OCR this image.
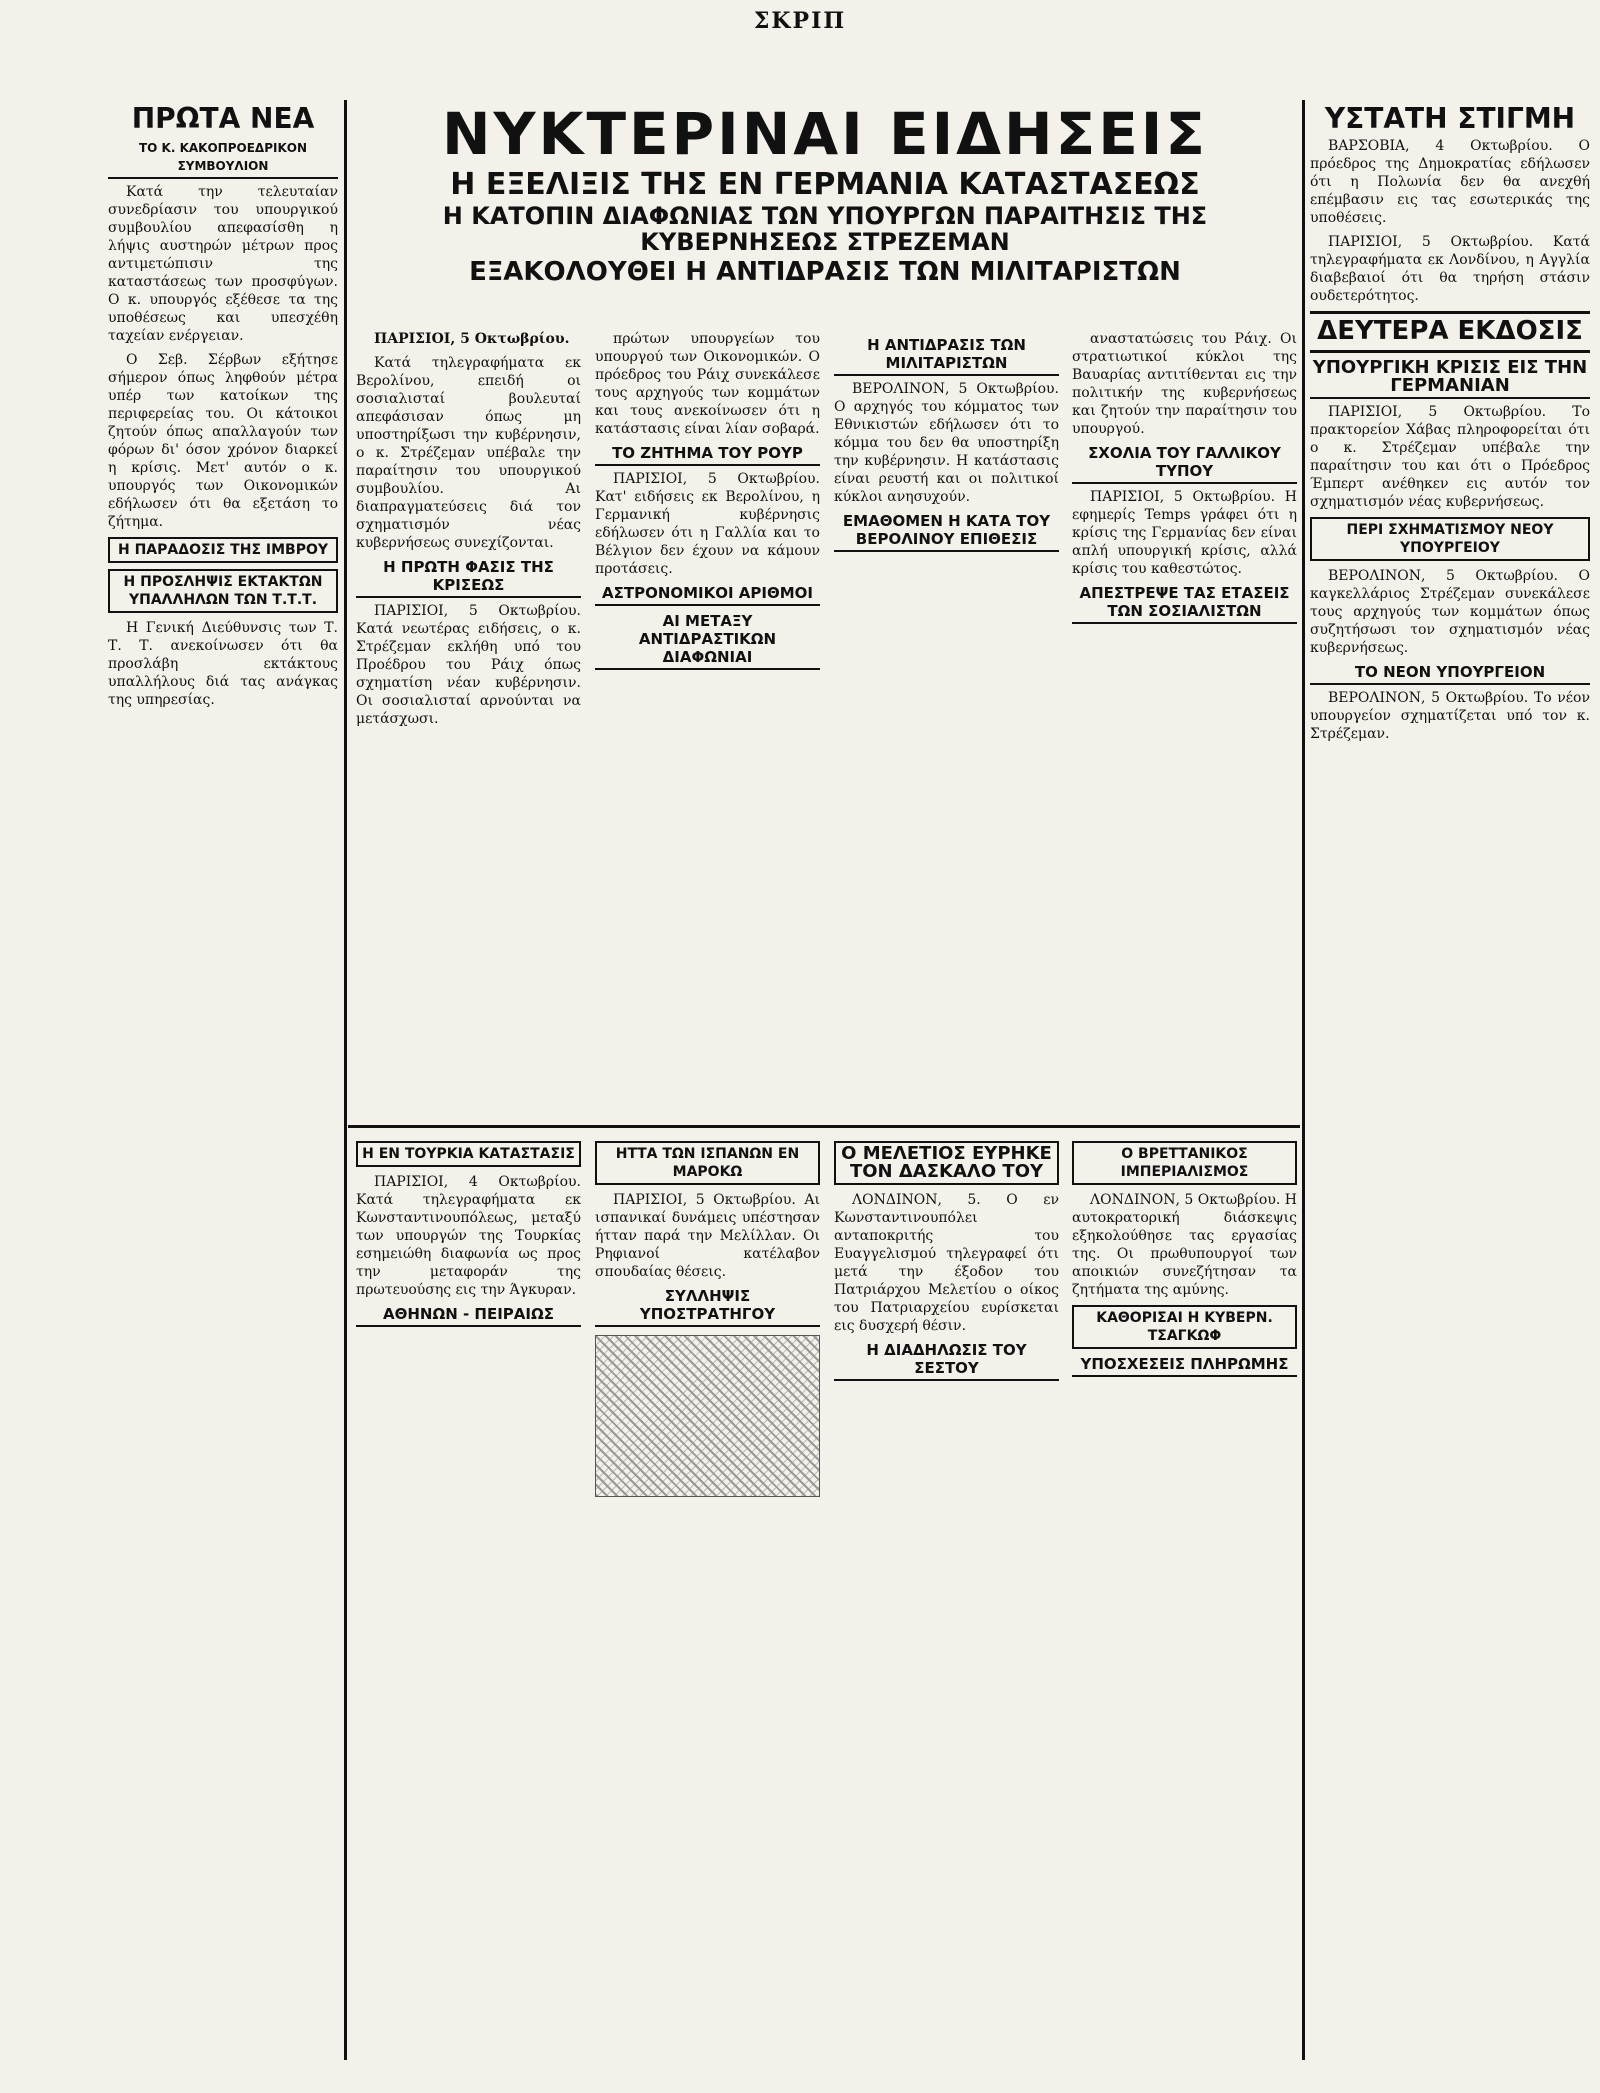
ΣΚΡΙΠ
ΠΡΩΤΑ ΝΕΑ
ΤΟ Κ. ΚΑΚΟΠΡΟΕΔΡΙΚΟΝ ΣΥΜΒΟΥΛΙΟΝ

Κατά την τελευταίαν συνεδρίασιν του υπουργικού συμβουλίου απεφασίσθη η λήψις αυστηρών μέτρων προς αντιμετώπισιν της καταστάσεως των προσφύγων. Ο κ. υπουργός εξέθεσε τα της υποθέσεως και υπεσχέθη ταχείαν ενέργειαν.

Ο Σεβ. Σέρβων εξήτησε σήμερον όπως ληφθούν μέτρα υπέρ των κατοίκων της περιφερείας του. Οι κάτοικοι ζητούν όπως απαλλαγούν των φόρων δι' όσον χρόνον διαρκεί η κρίσις. Μετ' αυτόν ο κ. υπουργός των Οικονομικών εδήλωσεν ότι θα εξετάση το ζήτημα.

Η ΠΑΡΑΔΟΣΙΣ ΤΗΣ ΙΜΒΡΟΥ
Η ΠΡΟΣΛΗΨΙΣ ΕΚΤΑΚΤΩΝ ΥΠΑΛΛΗΛΩΝ ΤΩΝ Τ.Τ.Τ.

Η Γενική Διεύθυνσις των Τ. Τ. Τ. ανεκοίνωσεν ότι θα προσλάβη εκτάκτους υπαλλήλους διά τας ανάγκας της υπηρεσίας.

ΝΥΚΤΕΡΙΝΑΙ ΕΙΔΗΣΕΙΣ
Η ΕΞΕΛΙΞΙΣ ΤΗΣ ΕΝ ΓΕΡΜΑΝΙΑ ΚΑΤΑΣΤΑΣΕΩΣ
Η ΚΑΤΟΠΙΝ ΔΙΑΦΩΝΙΑΣ ΤΩΝ ΥΠΟΥΡΓΩΝ ΠΑΡΑΙΤΗΣΙΣ ΤΗΣ ΚΥΒΕΡΝΗΣΕΩΣ ΣΤΡΕΖΕΜΑΝ
ΕΞΑΚΟΛΟΥΘΕΙ Η ΑΝΤΙΔΡΑΣΙΣ ΤΩΝ ΜΙΛΙΤΑΡΙΣΤΩΝ

ΠΑΡΙΣΙΟΙ, 5 Οκτωβρίου.

Κατά τηλεγραφήματα εκ Βερολίνου, επειδή οι σοσιαλισταί βουλευταί απεφάσισαν όπως μη υποστηρίξωσι την κυβέρνησιν, ο κ. Στρέζεμαν υπέβαλε την παραίτησιν του υπουργικού συμβουλίου. Αι διαπραγματεύσεις διά τον σχηματισμόν νέας κυβερνήσεως συνεχίζονται.

Η ΠΡΩΤΗ ΦΑΣΙΣ ΤΗΣ ΚΡΙΣΕΩΣ

ΠΑΡΙΣΙΟΙ, 5 Οκτωβρίου. Κατά νεωτέρας ειδήσεις, ο κ. Στρέζεμαν εκλήθη υπό του Προέδρου του Ράιχ όπως σχηματίση νέαν κυβέρνησιν. Οι σοσιαλισταί αρνούνται να μετάσχωσι.

πρώτων υπουργείων του υπουργού των Οικονομικών. Ο πρόεδρος του Ράιχ συνεκάλεσε τους αρχηγούς των κομμάτων και τους ανεκοίνωσεν ότι η κατάστασις είναι λίαν σοβαρά.

ΤΟ ΖΗΤΗΜΑ ΤΟΥ ΡΟΥΡ

ΠΑΡΙΣΙΟΙ, 5 Οκτωβρίου. Κατ' ειδήσεις εκ Βερολίνου, η Γερμανική κυβέρνησις εδήλωσεν ότι η Γαλλία και το Βέλγιον δεν έχουν να κάμουν προτάσεις.

ΑΣΤΡΟΝΟΜΙΚΟΙ ΑΡΙΘΜΟΙ
ΑΙ ΜΕΤΑΞΥ ΑΝΤΙΔΡΑΣΤΙΚΩΝ ΔΙΑΦΩΝΙΑΙ
Η ΑΝΤΙΔΡΑΣΙΣ ΤΩΝ ΜΙΛΙΤΑΡΙΣΤΩΝ

ΒΕΡΟΛΙΝΟΝ, 5 Οκτωβρίου. Ο αρχηγός του κόμματος των Εθνικιστών εδήλωσεν ότι το κόμμα του δεν θα υποστηρίξη την κυβέρνησιν. Η κατάστασις είναι ρευστή και οι πολιτικοί κύκλοι ανησυχούν.

ΕΜΑΘΟΜΕΝ Η ΚΑΤΑ ΤΟΥ ΒΕΡΟΛΙΝΟΥ ΕΠΙΘΕΣΙΣ

αναστατώσεις του Ράιχ. Οι στρατιωτικοί κύκλοι της Βαυαρίας αντιτίθενται εις την πολιτικήν της κυβερνήσεως και ζητούν την παραίτησιν του υπουργού.

ΣΧΟΛΙΑ ΤΟΥ ΓΑΛΛΙΚΟΥ ΤΥΠΟΥ

ΠΑΡΙΣΙΟΙ, 5 Οκτωβρίου. Η εφημερίς Temps γράφει ότι η κρίσις της Γερμανίας δεν είναι απλή υπουργική κρίσις, αλλά κρίσις του καθεστώτος.

ΑΠΕΣΤΡΕΨΕ ΤΑΣ ΕΤΑΣΕΙΣ ΤΩΝ ΣΟΣΙΑΛΙΣΤΩΝ
Η ΕΝ ΤΟΥΡΚΙΑ ΚΑΤΑΣΤΑΣΙΣ

ΠΑΡΙΣΙΟΙ, 4 Οκτωβρίου. Κατά τηλεγραφήματα εκ Κωνσταντινουπόλεως, μεταξύ των υπουργών της Τουρκίας εσημειώθη διαφωνία ως προς την μεταφοράν της πρωτευούσης εις την Άγκυραν.

ΑΘΗΝΩΝ - ΠΕΙΡΑΙΩΣ
ΗΤΤΑ ΤΩΝ ΙΣΠΑΝΩΝ ΕΝ ΜΑΡΟΚΩ

ΠΑΡΙΣΙΟΙ, 5 Οκτωβρίου. Αι ισπανικαί δυνάμεις υπέστησαν ήτταν παρά την Μελίλλαν. Οι Ρηφιανοί κατέλαβον σπουδαίας θέσεις.

ΣΥΛΛΗΨΙΣ ΥΠΟΣΤΡΑΤΗΓΟΥ
Ο ΜΕΛΕΤΙΟΣ ΕΥΡΗΚΕ ΤΟΝ ΔΑΣΚΑΛΟ ΤΟΥ

ΛΟΝΔΙΝΟΝ, 5. Ο εν Κωνσταντινουπόλει ανταποκριτής του Ευαγγελισμού τηλεγραφεί ότι μετά την έξοδον του Πατριάρχου Μελετίου ο οίκος του Πατριαρχείου ευρίσκεται εις δυσχερή θέσιν.

Η ΔΙΑΔΗΛΩΣΙΣ ΤΟΥ ΣΕΣΤΟΥ
Ο ΒΡΕΤΤΑΝΙΚΟΣ ΙΜΠΕΡΙΑΛΙΣΜΟΣ

ΛΟΝΔΙΝΟΝ, 5 Οκτωβρίου. Η αυτοκρατορική διάσκεψις εξηκολούθησε τας εργασίας της. Οι πρωθυπουργοί των αποικιών συνεζήτησαν τα ζητήματα της αμύνης.

ΚΑΘΟΡΙΣΑΙ Η ΚΥΒΕΡΝ. ΤΣΑΓΚΩΦ
ΥΠΟΣΧΕΣΕΙΣ ΠΛΗΡΩΜΗΣ
ΥΣΤΑΤΗ ΣΤΙΓΜΗ

ΒΑΡΣΟΒΙΑ, 4 Οκτωβρίου. Ο πρόεδρος της Δημοκρατίας εδήλωσεν ότι η Πολωνία δεν θα ανεχθή επέμβασιν εις τας εσωτερικάς της υποθέσεις.

ΠΑΡΙΣΙΟΙ, 5 Οκτωβρίου. Κατά τηλεγραφήματα εκ Λονδίνου, η Αγγλία διαβεβαιοί ότι θα τηρήση στάσιν ουδετερότητος.

ΔΕΥΤΕΡΑ ΕΚΔΟΣΙΣ
ΥΠΟΥΡΓΙΚΗ ΚΡΙΣΙΣ ΕΙΣ ΤΗΝ ΓΕΡΜΑΝΙΑΝ

ΠΑΡΙΣΙΟΙ, 5 Οκτωβρίου. Το πρακτορείον Χάβας πληροφορείται ότι ο κ. Στρέζεμαν υπέβαλε την παραίτησιν του και ότι ο Πρόεδρος Έμπερτ ανέθηκεν εις αυτόν τον σχηματισμόν νέας κυβερνήσεως.

ΠΕΡΙ ΣΧΗΜΑΤΙΣΜΟΥ ΝΕΟΥ ΥΠΟΥΡΓΕΙΟΥ

ΒΕΡΟΛΙΝΟΝ, 5 Οκτωβρίου. Ο καγκελλάριος Στρέζεμαν συνεκάλεσε τους αρχηγούς των κομμάτων όπως συζητήσωσι τον σχηματισμόν νέας κυβερνήσεως.

ΤΟ ΝΕΟΝ ΥΠΟΥΡΓΕΙΟΝ

ΒΕΡΟΛΙΝΟΝ, 5 Οκτωβρίου. Το νέον υπουργείον σχηματίζεται υπό τον κ. Στρέζεμαν.
